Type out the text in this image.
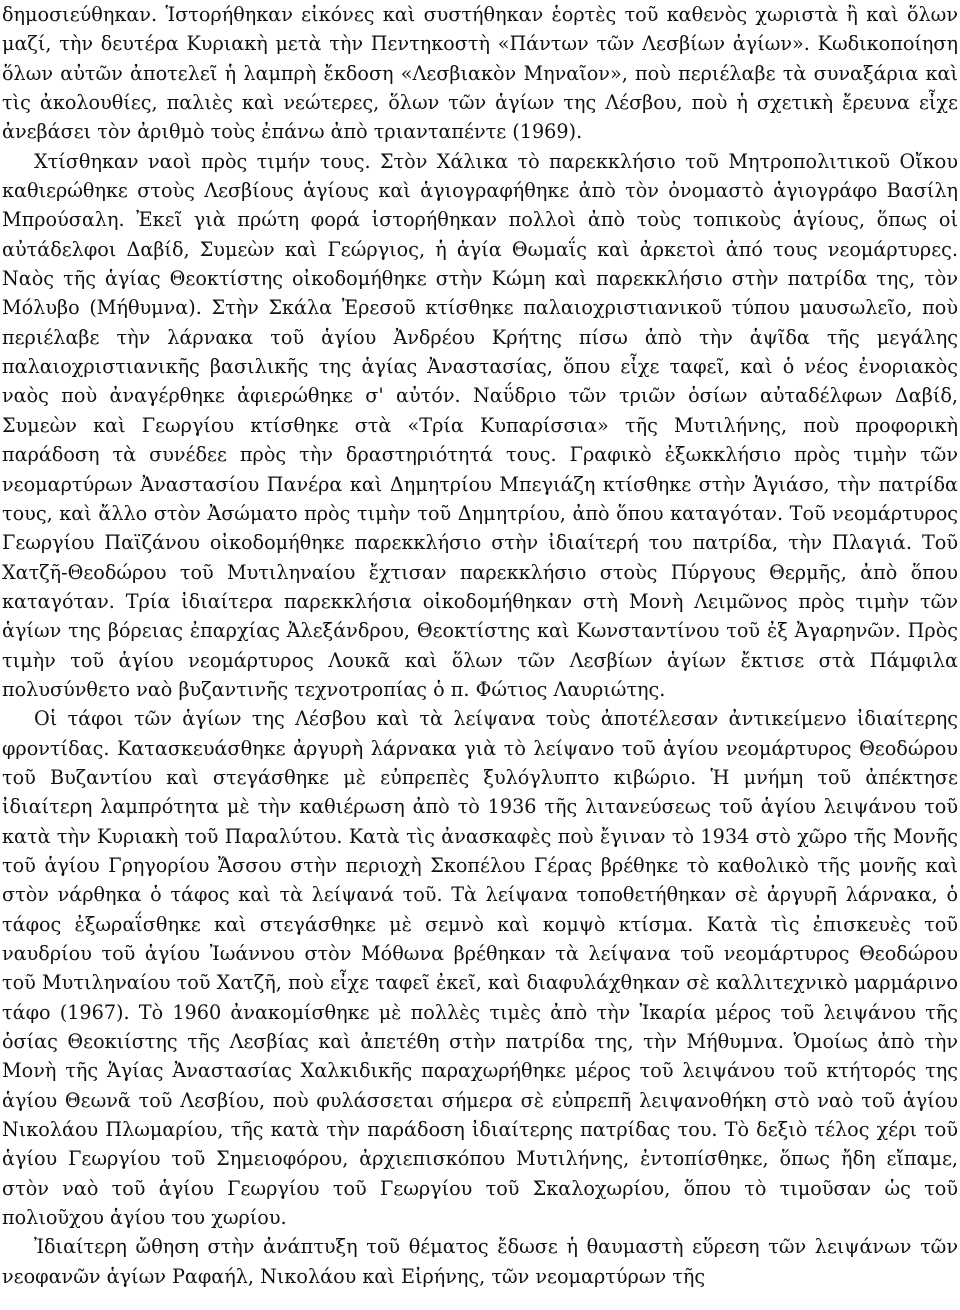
δημοσιεύθηκαν. Ἱστορήθηκαν εἰκόνες καὶ συστήθηκαν ἑορτὲς τοῦ καθενὸς χωριστὰ ἢ καὶ ὅλων μαζί, τὴν δευτέρα Κυριακὴ μετὰ τὴν Πεντηκοστὴ «Πάντων τῶν Λεσβίων ἁγίων». Κωδικοποίηση ὅλων αὐτῶν ἀποτελεῖ ἡ λαμπρὴ ἔκδοση «Λεσβιακὸν Μηναῖον», ποὺ περιέλαβε τὰ συναξάρια καὶ τὶς ἀκολουθίες, παλιὲς καὶ νεώτερες, ὅλων τῶν ἁγίων της Λέσβου, ποὺ ἡ σχετικὴ ἔρευνα εἶχε ἀνεβάσει τὸν ἀριθμὸ τοὺς ἐπάνω ἀπὸ τριανταπέντε (1969).

Χτίσθηκαν ναοὶ πρὸς τιμήν τους. Στὸν Χάλικα τὸ παρεκκλήσιο τοῦ Μητροπολιτικοῦ Οἴκου καθιερώθηκε στοὺς Λεσβίους ἁγίους καὶ ἁγιογραφήθηκε ἀπὸ τὸν ὀνομαστὸ ἁγιογράφο Βασίλη Μπρούσαλη. Ἐκεῖ γιὰ πρώτη φορά ἱστορήθηκαν πολλοὶ ἀπὸ τοὺς τοπικοὺς ἁγίους, ὅπως οἱ αὐτάδελφοι Δαβίδ, Συμεὼν καὶ Γεώργιος, ἡ ἁγία Θωμαΐς καὶ ἀρκετοὶ ἀπό τους νεομάρτυρες. Ναὸς τῆς ἁγίας Θεοκτίστης οἰκοδομήθηκε στὴν Κώμη καὶ παρεκκλήσιο στὴν πατρίδα της, τὸν Μόλυβο (Μήθυμνα). Στὴν Σκάλα Ἐρεσοῦ κτίσθηκε παλαιοχριστιανικοῦ τύπου μαυσωλεῖο, ποὺ περιέλαβε τὴν λάρνακα τοῦ ἁγίου Ἀνδρέου Κρήτης πίσω ἀπὸ τὴν ἁψῖδα τῆς μεγάλης παλαιοχριστιανικῆς βασιλικῆς της ἁγίας Ἀναστασίας, ὅπου εἶχε ταφεῖ, καὶ ὁ νέος ἐνοριακὸς ναὸς ποὺ ἀναγέρθηκε ἀφιερώθηκε σ' αὐτόν. Ναΰδριο τῶν τριῶν ὁσίων αὐταδέλφων Δαβίδ, Συμεὼν καὶ Γεωργίου κτίσθηκε στὰ «Τρία Κυπαρίσσια» τῆς Μυτιλήνης, ποὺ προφορικὴ παράδοση τὰ συνέδεε πρὸς τὴν δραστηριότητά τους. Γραφικὸ ἐξωκκλήσιο πρὸς τιμὴν τῶν νεομαρτύρων Ἀναστασίου Πανέρα καὶ Δημητρίου Μπεγιάζη κτίσθηκε στὴν Ἁγιάσο, τὴν πατρίδα τους, καὶ ἄλλο στὸν Ἀσώματο πρὸς τιμὴν τοῦ Δημητρίου, ἀπὸ ὅπου καταγόταν. Τοῦ νεομάρτυρος Γεωργίου Παϊζάνου οἰκοδομήθηκε παρεκκλήσιο στὴν ἰδιαίτερή του πατρίδα, τὴν Πλαγιά. Τοῦ Χατζῆ-Θεοδώρου τοῦ Μυτιληναίου ἔχτισαν παρεκκλήσιο στοὺς Πύργους Θερμῆς, ἀπὸ ὅπου καταγόταν. Τρία ἰδιαίτερα παρεκκλήσια οἰκοδομήθηκαν στὴ Μονὴ Λειμῶνος πρὸς τιμὴν τῶν ἁγίων της βόρειας ἐπαρχίας Ἀλεξάνδρου, Θεοκτίστης καὶ Κωνσταντίνου τοῦ ἐξ Ἀγαρηνῶν. Πρὸς τιμὴν τοῦ ἁγίου νεομάρτυρος Λουκᾶ καὶ ὅλων τῶν Λεσβίων ἁγίων ἔκτισε στὰ Πάμφιλα πολυσύνθετο ναὸ βυζαντινῆς τεχνοτροπίας ὁ π. Φώτιος Λαυριώτης.

Οἱ τάφοι τῶν ἁγίων της Λέσβου καὶ τὰ λείψανα τοὺς ἀποτέλεσαν ἀντικείμενο ἰδιαίτερης φροντίδας. Κατασκευάσθηκε ἀργυρὴ λάρνακα γιὰ τὸ λείψανο τοῦ ἁγίου νεομάρτυρος Θεοδώρου τοῦ Βυζαντίου καὶ στεγάσθηκε μὲ εὐπρεπὲς ξυλόγλυπτο κιβώριο. Ἡ μνήμη τοῦ ἀπέκτησε ἰδιαίτερη λαμπρότητα μὲ τὴν καθιέρωση ἀπὸ τὸ 1936 τῆς λιτανεύσεως τοῦ ἁγίου λειψάνου τοῦ κατὰ τὴν Κυριακὴ τοῦ Παραλύτου. Κατὰ τὶς ἀνασκαφὲς ποὺ ἔγιναν τὸ 1934 στὸ χῶρο τῆς Μονῆς τοῦ ἁγίου Γρηγορίου Ἄσσου στὴν περιοχὴ Σκοπέλου Γέρας βρέθηκε τὸ καθολικὸ τῆς μονῆς καὶ στὸν νάρθηκα ὁ τάφος καὶ τὰ λείψανά τοῦ. Τὰ λείψανα τοποθετήθηκαν σὲ ἀργυρῆ λάρνακα, ὁ τάφος ἐξωραΐσθηκε καὶ στεγάσθηκε μὲ σεμνὸ καὶ κομψὸ κτίσμα. Κατὰ τὶς ἐπισκευὲς τοῦ ναυδρίου τοῦ ἁγίου Ἰωάννου στὸν Μόθωνα βρέθηκαν τὰ λείψανα τοῦ νεομάρτυρος Θεοδώρου τοῦ Μυτιληναίου τοῦ Χατζῆ, ποὺ εἶχε ταφεῖ ἐκεῖ, καὶ διαφυλάχθηκαν σὲ καλλιτεχνικὸ μαρμάρινο τάφο (1967). Τὸ 1960 ἀνακομίσθηκε μὲ πολλὲς τιμὲς ἀπὸ τὴν Ἰκαρία μέρος τοῦ λειψάνου τῆς ὁσίας Θεοκιίστης τῆς Λεσβίας καὶ ἀπετέθη στὴν πατρίδα της, τὴν Μήθυμνα. Ὁμοίως ἀπὸ τὴν Μονὴ τῆς Ἁγίας Ἀναστασίας Χαλκιδικῆς παραχωρήθηκε μέρος τοῦ λειψάνου τοῦ κτήτορός της ἁγίου Θεωνᾶ τοῦ Λεσβίου, ποὺ φυλάσσεται σήμερα σὲ εὐπρεπῆ λειψανοθήκη στὸ ναὸ τοῦ ἁγίου Νικολάου Πλωμαρίου, τῆς κατὰ τὴν παράδοση ἰδιαίτερης πατρίδας του. Τὸ δεξιὸ τέλος χέρι τοῦ ἁγίου Γεωργίου τοῦ Σημειοφόρου, ἀρχιεπισκόπου Μυτιλήνης, ἐντοπίσθηκε, ὅπως ἤδη εἴπαμε, στὸν ναὸ τοῦ ἁγίου Γεωργίου τοῦ Γεωργίου τοῦ Σκαλοχωρίου, ὅπου τὸ τιμοῦσαν ὡς τοῦ πολιοῦχου ἁγίου του χωρίου.

Ἰδιαίτερη ὤθηση στὴν ἀνάπτυξη τοῦ θέματος ἔδωσε ἡ θαυμαστὴ εὕρεση τῶν λειψάνων τῶν νεοφανῶν ἁγίων Ραφαήλ, Νικολάου καὶ Εἰρήνης, τῶν νεομαρτύρων τῆς
